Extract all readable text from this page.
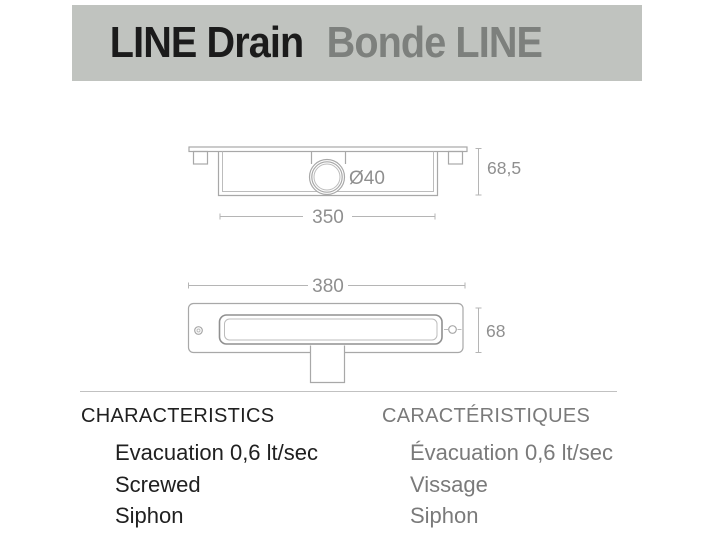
LINE Drain Bonde LINE
Ø40
350
68,5
380
68
CHARACTERISTICS
Evacuation 0,6 lt/sec
Screwed
Siphon
CARACTÉRISTIQUES
Évacuation 0,6 lt/sec
Vissage
Siphon
